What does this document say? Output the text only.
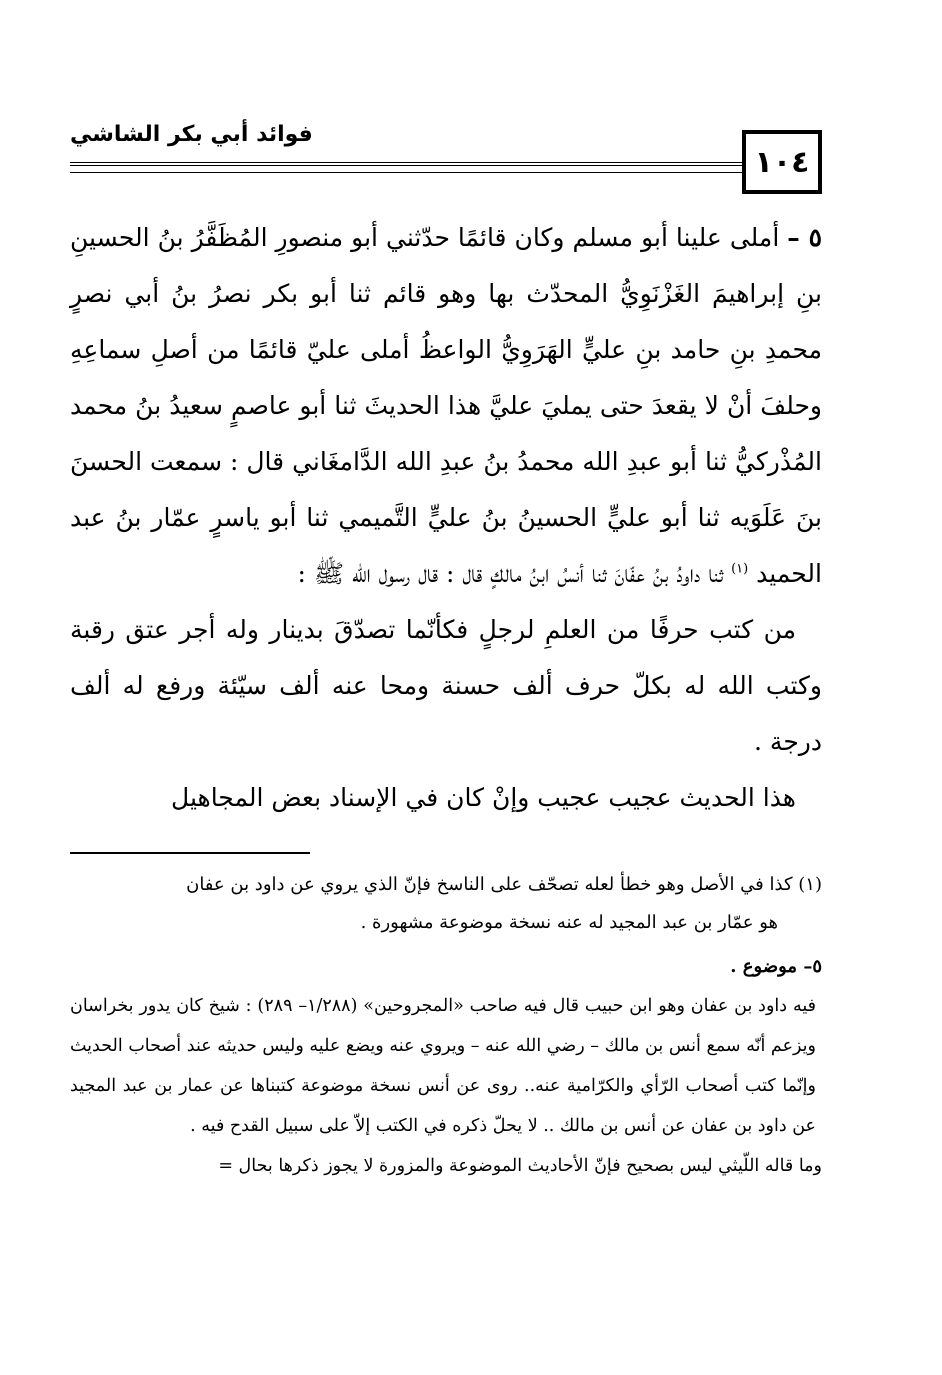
١٠٤
فوائد أبي بكر الشاشي

٥ – أملى علينا أبو مسلم وكان قائمًا حدّثني أبو منصورِ المُظَفَّرُ بنُ الحسينِ بنِ إبراهيمَ الغَزْنَوِيُّ المحدّث بها وهو قائم ثنا أبو بكر نصرُ بنُ أبي نصرٍ محمدِ بنِ حامد بنِ عليٍّ الهَرَوِيُّ الواعظُ أملى عليّ قائمًا من أصلِ سماعِهِ وحلفَ أنْ لا يقعدَ حتى يمليَ عليَّ هذا الحديثَ ثنا أبو عاصمٍ سعيدُ بنُ محمد المُذْركيُّ ثنا أبو عبدِ الله محمدُ بنُ عبدِ الله الدَّامغَاني قال : سمعت الحسنَ بنَ عَلَوَيه ثنا أبو عليٍّ الحسينُ بنُ عليٍّ التَّميمي ثنا أبو ياسرٍ عمّار بنُ عبد الحميد $^{(١)}$ ثنا داودُ بنُ عفّانَ ثنا أنسُ ابنُ مالكٍ قال : قال رسول الله ﷺ :

من كتب حرفًا من العلمِ لرجلٍ فكأنّما تصدّقَ بدينار وله أجر عتق رقبة وكتب الله له بكلّ حرف ألف حسنة ومحا عنه ألف سيّئة ورفع له ألف درجة .

هذا الحديث عجيب عجيب وإنْ كان في الإسناد بعض المجاهيل

(١) كذا في الأصل وهو خطأ لعله تصحّف على الناسخ فإنّ الذي يروي عن داود بن عفان

هو عمّار بن عبد المجيد له عنه نسخة موضوعة مشهورة .

٥– موضوع .

فيه داود بن عفان وهو ابن حبيب قال فيه صاحب «المجروحين» (١/٢٨٨– ٢٨٩) : شيخ كان يدور بخراسان ويزعم أنّه سمع أنس بن مالك – رضي الله عنه – ويروي عنه ويضع عليه وليس حديثه عند أصحاب الحديث وإنّما كتب أصحاب الرّأي والكرّامية عنه.. روى عن أنس نسخة موضوعة كتبناها عن عمار بن عبد المجيد عن داود بن عفان عن أنس بن مالك .. لا يحلّ ذكره في الكتب إلاّ على سبيل القدح فيه .

وما قاله اللّيثي ليس بصحيح فإنّ الأحاديث الموضوعة والمزورة لا يجوز ذكرها بحال =
